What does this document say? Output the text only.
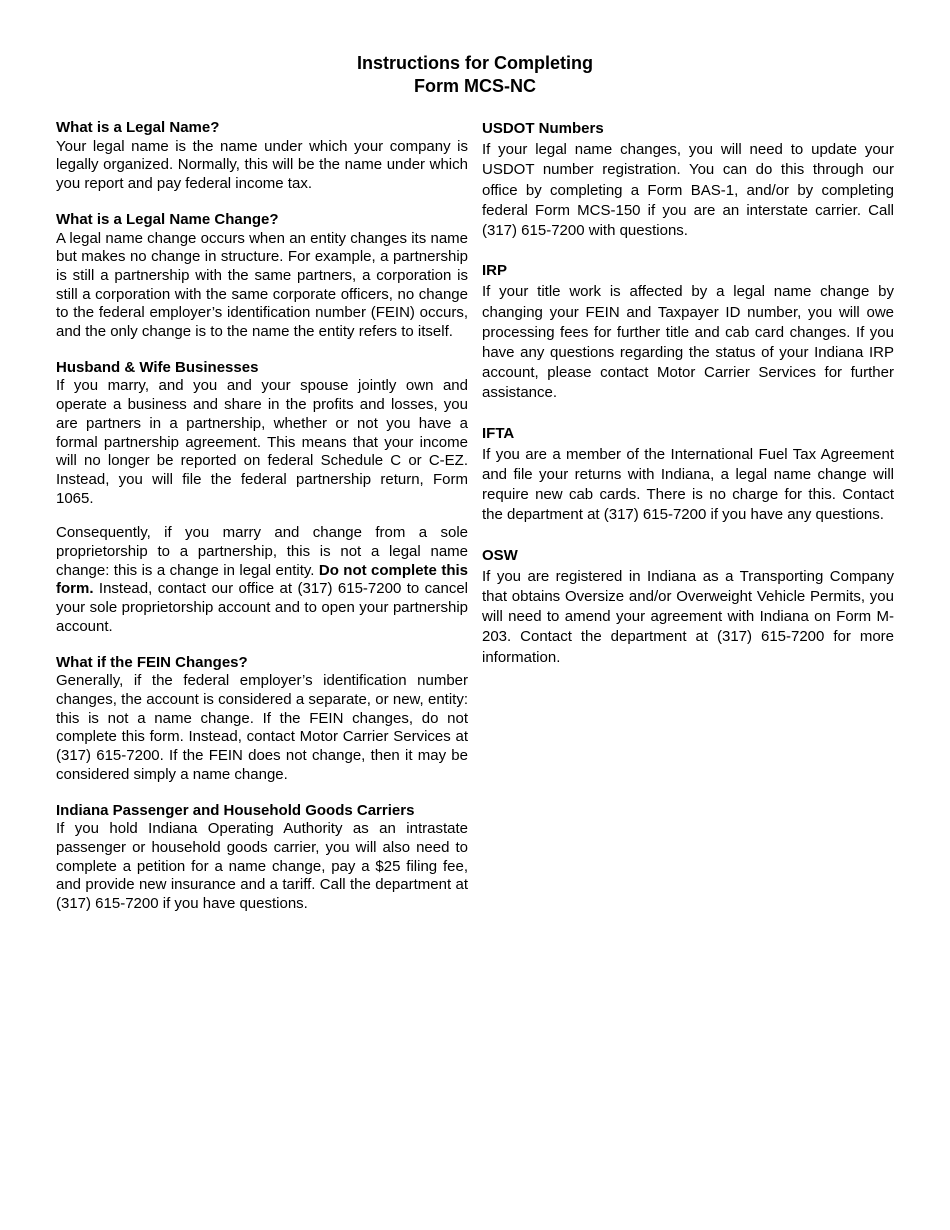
Instructions for Completing
Form MCS-NC

What is a Legal Name?

Your legal name is the name under which your company is legally organized. Normally, this will be the name under which you report and pay federal income tax.

What is a Legal Name Change?

A legal name change occurs when an entity changes its name but makes no change in structure. For example, a partnership is still a partnership with the same partners, a corporation is still a corporation with the same corporate officers, no change to the federal employer’s identification number (FEIN) occurs, and the only change is to the name the entity refers to itself.

Husband & Wife Businesses

If you marry, and you and your spouse jointly own and operate a business and share in the profits and losses, you are partners in a partnership, whether or not you have a formal partnership agreement. This means that your income will no longer be reported on federal Schedule C or C-EZ. Instead, you will file the federal partnership return, Form 1065.

Consequently, if you marry and change from a sole proprietorship to a partnership, this is not a legal name change: this is a change in legal entity. Do not complete this form. Instead, contact our office at (317) 615-7200 to cancel your sole proprietorship account and to open your partnership account.

What if the FEIN Changes?

Generally, if the federal employer’s identification number changes, the account is considered a separate, or new, entity: this is not a name change. If the FEIN changes, do not complete this form. Instead, contact Motor Carrier Services at (317) 615-7200. If the FEIN does not change, then it may be considered simply a name change.

Indiana Passenger and Household Goods Carriers

If you hold Indiana Operating Authority as an intrastate passenger or household goods carrier, you will also need to complete a petition for a name change, pay a $25 filing fee, and provide new insurance and a tariff. Call the department at (317) 615-7200 if you have questions.

USDOT Numbers

If your legal name changes, you will need to update your USDOT number registration. You can do this through our office by completing a Form BAS-1, and/or by completing federal Form MCS-150 if you are an interstate carrier. Call (317) 615-7200 with questions.

IRP

If your title work is affected by a legal name change by changing your FEIN and Taxpayer ID number, you will owe processing fees for further title and cab card changes. If you have any questions regarding the status of your Indiana IRP account, please contact Motor Carrier Services for further assistance.

IFTA

If you are a member of the International Fuel Tax Agreement and file your returns with Indiana, a legal name change will require new cab cards. There is no charge for this. Contact the department at (317) 615-7200 if you have any questions.

OSW

If you are registered in Indiana as a Transporting Company that obtains Oversize and/or Overweight Vehicle Permits, you will need to amend your agreement with Indiana on Form M-203. Contact the department at (317) 615-7200 for more information.
